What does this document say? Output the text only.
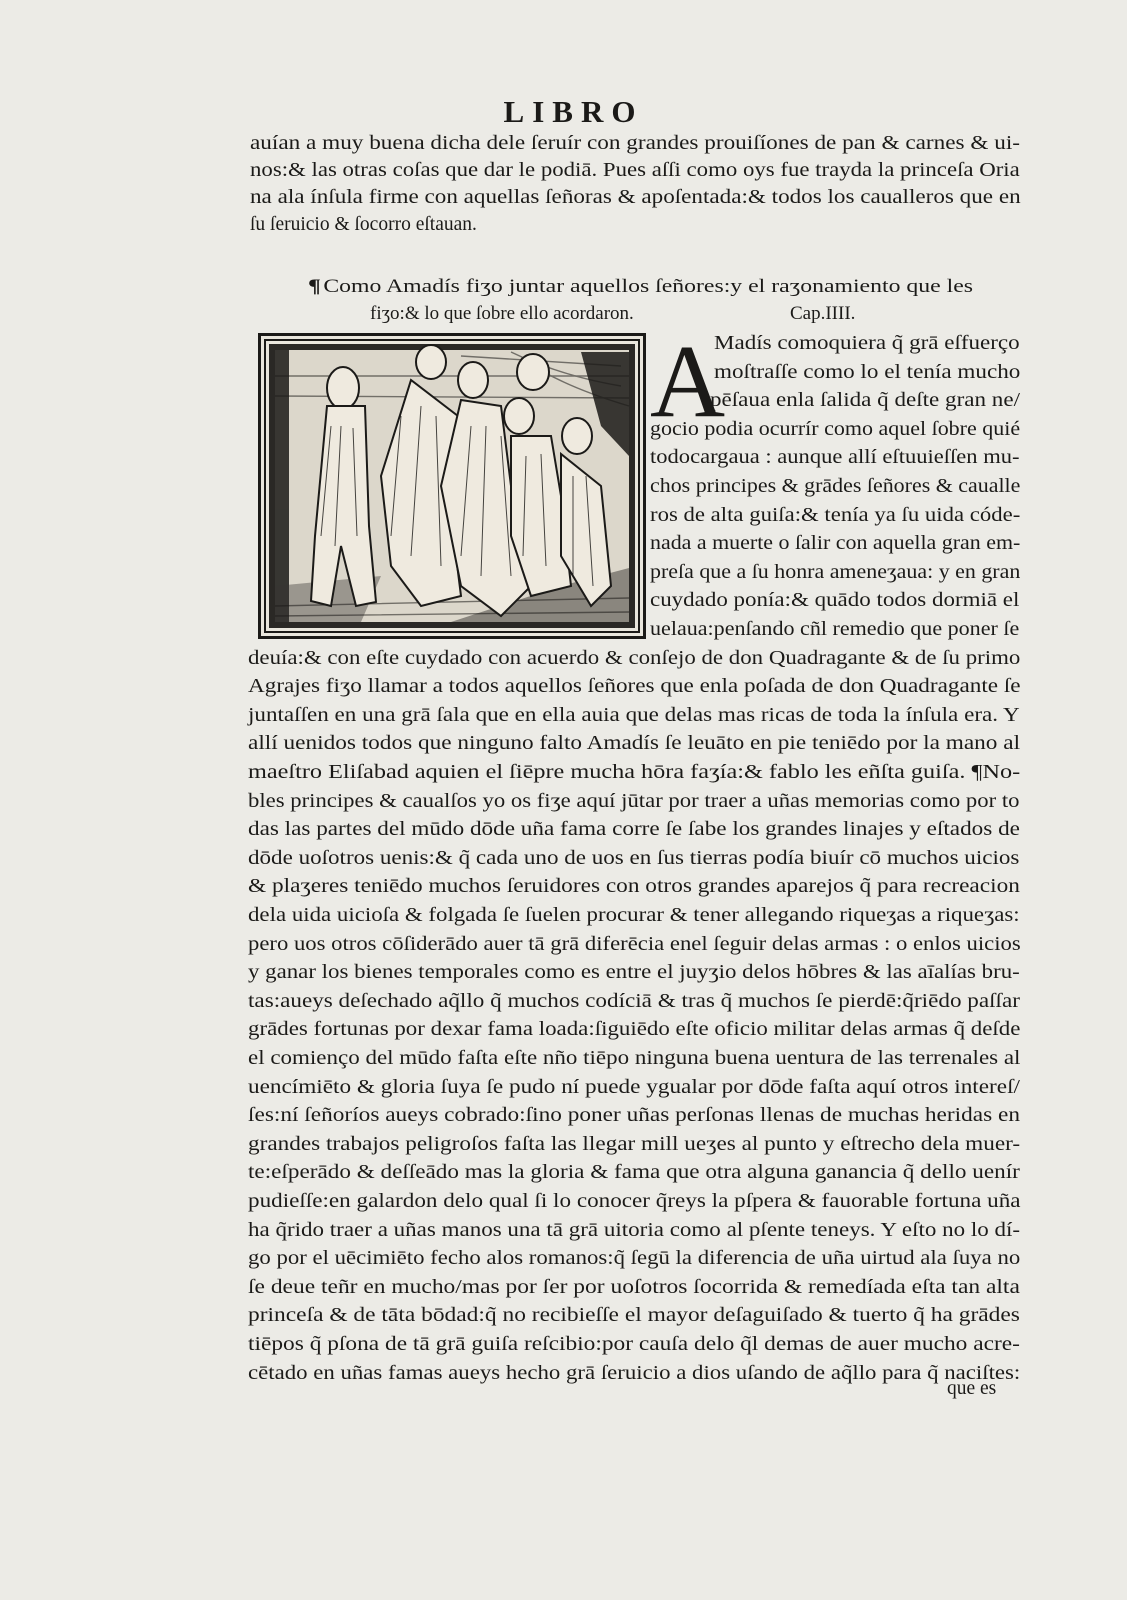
LIBRO
auían a muy buena dicha dele ſeruír con grandes prouiſíones de pan & carnes & ui-
nos:& las otras coſas que dar le podiā. Pues aſſi como oys fue trayda la princeſa Oria
na ala ínſula firme con aquellas ſeñoras & apoſentada:& todos los caualleros que en
ſu ſeruicio & ſocorro eſtauan.
¶ Como Amadís fiʒo juntar aquellos ſeñores:y el raʒonamiento que les
fiʒo:& lo que ſobre ello acordaron.	Cap.IIII.
A
Madís comoquiera q̃ grā eſfuerço
moſtraſſe como lo el tenía mucho
pēſaua enla ſalida q̃ deſte gran ne/
gocio podia ocurrír como aquel ſobre quié
todocargaua : aunque allí eſtuuieſſen mu-
chos principes & grādes ſeñores & caualle
ros de alta guiſa:& tenía ya ſu uida códe-
nada a muerte o ſalir con aquella gran em-
preſa que a ſu honra ameneʒaua: y en gran
cuydado ponía:& quādo todos dormiā el
uelaua:penſando cñl remedio que poner ſe
deuía:& con eſte cuydado con acuerdo & conſejo de don Quadragante & de ſu primo
Agrajes fiʒo llamar a todos aquellos ſeñores que enla poſada de don Quadragante ſe
juntaſſen en una grā ſala que en ella auia que delas mas ricas de toda la ínſula era. Y
allí uenidos todos que ninguno falto Amadís ſe leuāto en pie teniēdo por la mano al
maeſtro Eliſabad aquien el ſiēpre mucha hōra faʒía:& fablo les eñſta guiſa. ¶No-
bles principes & caualſos yo os fiʒe aquí jūtar por traer a uñas memorias como por to
das las partes del mūdo dōde uña fama corre ſe ſabe los grandes linajes y eſtados de
dōde uoſotros uenis:& q̃ cada uno de uos en ſus tierras podía biuír cō muchos uicios
& plaʒeres teniēdo muchos ſeruidores con otros grandes aparejos q̃ para recreacion
dela uida uicioſa & folgada ſe ſuelen procurar & tener allegando riqueʒas a riqueʒas:
pero uos otros cōſiderādo auer tā grā diferēcia enel ſeguir delas armas : o enlos uicios
y ganar los bienes temporales como es entre el juyʒio delos hōbres & las aīalías bru-
tas:aueys deſechado aq̃llo q̃ muchos codíciā & tras q̃ muchos ſe pierdē:q̃riēdo paſſar
grādes fortunas por dexar fama loada:ſiguiēdo eſte oficio militar delas armas q̃ deſde
el comienço del mūdo faſta eſte nño tiēpo ninguna buena uentura de las terrenales al
uencímiēto & gloria ſuya ſe pudo ní puede ygualar por dōde faſta aquí otros intereſ/
ſes:ní ſeñoríos aueys cobrado:ſino poner uñas perſonas llenas de muchas heridas en
grandes trabajos peligroſos faſta las llegar mill ueʒes al punto y eſtrecho dela muer-
te:eſperādo & deſſeādo mas la gloria & fama que otra alguna ganancia q̃ dello uenír
pudieſſe:en galardon delo qual ſi lo conocer q̃reys la pſpera & fauorable fortuna uña
ha q̃rido traer a uñas manos una tā grā uitoria como al pſente teneys. Y eſto no lo dí-
go por el uēcimiēto fecho alos romanos:q̃ ſegū la diferencia de uña uirtud ala ſuya no
ſe deue teñr en mucho/mas por ſer por uoſotros ſocorrida & remedíada eſta tan alta
princeſa & de tāta bōdad:q̃ no recibieſſe el mayor deſaguiſado & tuerto q̃ ha grādes
tiēpos q̃ pſona de tā grā guiſa reſcibio:por cauſa delo q̃l demas de auer mucho acre-
cētado en uñas famas aueys hecho grā ſeruicio a dios uſando de aq̃llo para q̃ naciſtes:
que es
